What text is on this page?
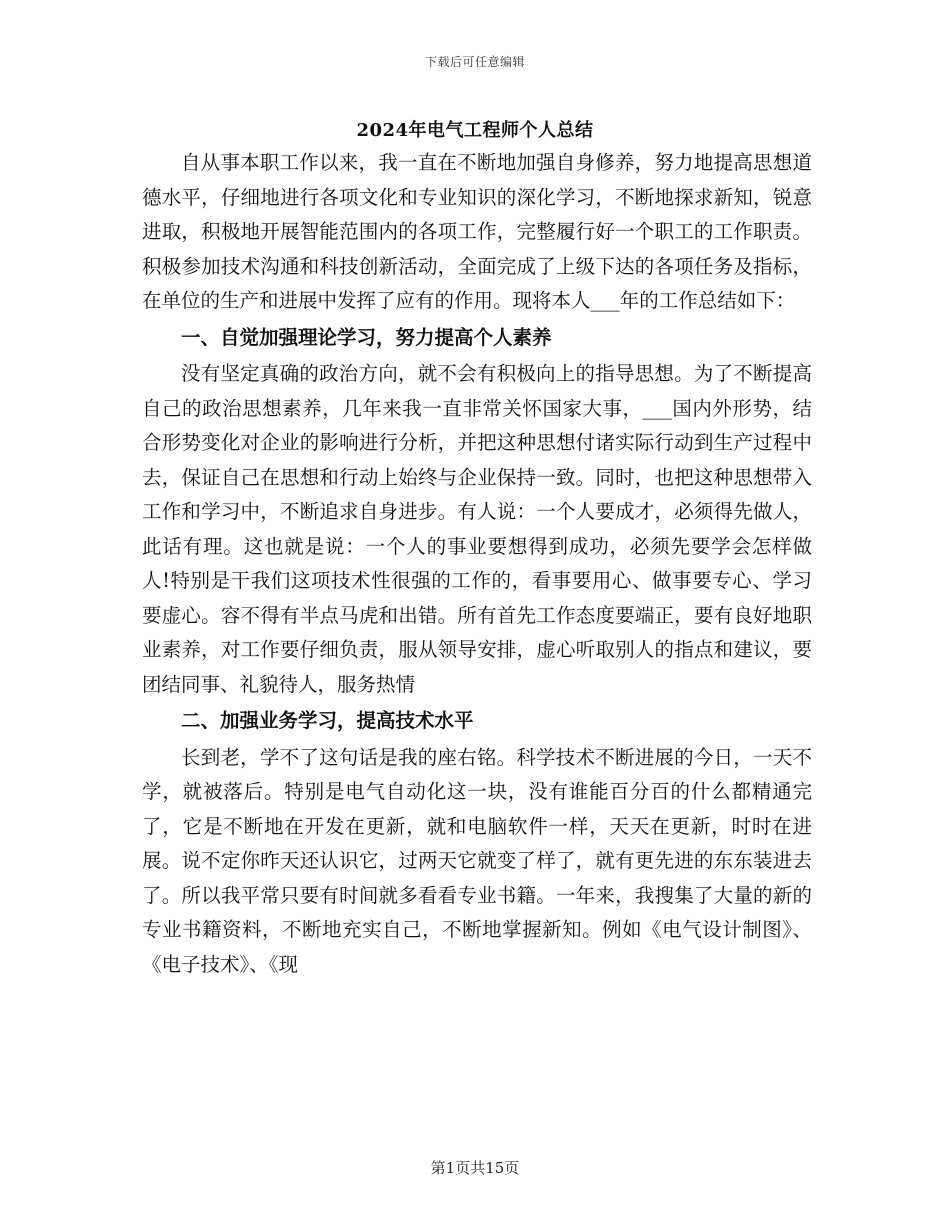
下载后可任意编辑
2024年电气工程师个人总结

自从事本职工作以来，我一直在不断地加强自身修养，努力地提高思想道德水平，仔细地进行各项文化和专业知识的深化学习，不断地探求新知，锐意进取，积极地开展智能范围内的各项工作，完整履行好一个职工的工作职责。积极参加技术沟通和科技创新活动，全面完成了上级下达的各项任务及指标，在单位的生产和进展中发挥了应有的作用。现将本人___年的工作总结如下：

一、自觉加强理论学习，努力提高个人素养

没有坚定真确的政治方向，就不会有积极向上的指导思想。为了不断提高自己的政治思想素养，几年来我一直非常关怀国家大事，___国内外形势，结合形势变化对企业的影响进行分析，并把这种思想付诸实际行动到生产过程中去，保证自己在思想和行动上始终与企业保持一致。同时，也把这种思想带入工作和学习中，不断追求自身进步。有人说：一个人要成才，必须得先做人，此话有理。这也就是说：一个人的事业要想得到成功，必须先要学会怎样做人!特别是干我们这项技术性很强的工作的，看事要用心、做事要专心、学习要虚心。容不得有半点马虎和出错。所有首先工作态度要端正，要有良好地职业素养，对工作要仔细负责，服从领导安排，虚心听取别人的指点和建议，要团结同事、礼貌待人，服务热情

二、加强业务学习，提高技术水平

长到老，学不了这句话是我的座右铭。科学技术不断进展的今日，一天不学，就被落后。特别是电气自动化这一块，没有谁能百分百的什么都精通完了，它是不断地在开发在更新，就和电脑软件一样，天天在更新，时时在进展。说不定你昨天还认识它，过两天它就变了样了，就有更先进的东东装进去了。所以我平常只要有时间就多看看专业书籍。一年来，我搜集了大量的新的专业书籍资料，不断地充实自己，不断地掌握新知。例如《电气设计制图》、《电子技术》、《现

第1页共15页
